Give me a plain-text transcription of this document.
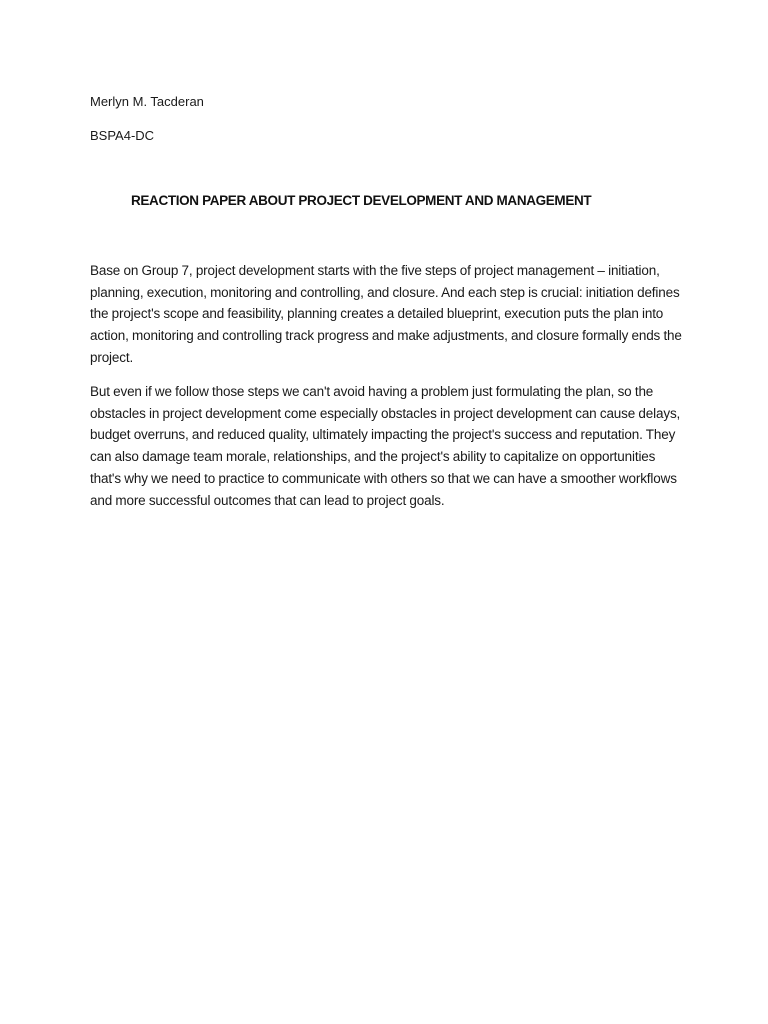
Merlyn M. Tacderan
BSPA4-DC
REACTION PAPER ABOUT PROJECT DEVELOPMENT AND MANAGEMENT

Base on Group 7, project development starts with the five steps of project management – initiation, planning, execution, monitoring and controlling, and closure. And each step is crucial: initiation defines the project's scope and feasibility, planning creates a detailed blueprint, execution puts the plan into action, monitoring and controlling track progress and make adjustments, and closure formally ends the project.

But even if we follow those steps we can't avoid having a problem just formulating the plan, so the obstacles in project development come especially obstacles in project development can cause delays, budget overruns, and reduced quality, ultimately impacting the project's success and reputation. They can also damage team morale, relationships, and the project's ability to capitalize on opportunities that's why we need to practice to communicate with others so that we can have a smoother workflows and more successful outcomes that can lead to project goals.
